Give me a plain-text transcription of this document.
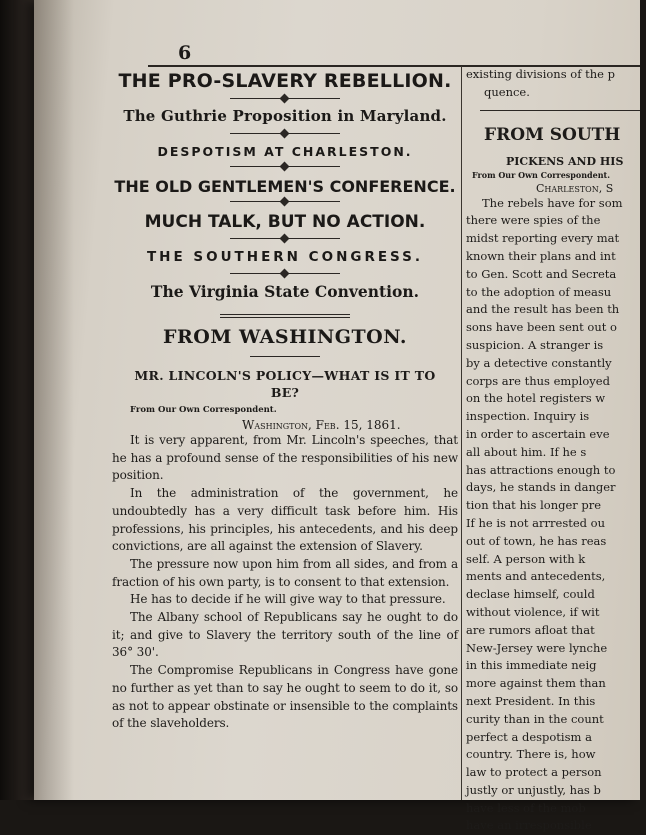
6
THE PRO-SLAVERY REBELLION.
The Guthrie Proposition in Maryland.
DESPOTISM AT CHARLESTON.
THE OLD GENTLEMEN'S CONFERENCE.
MUCH TALK, BUT NO ACTION.
THE SOUTHERN CONGRESS.
The Virginia State Convention.
FROM WASHINGTON.
MR. LINCOLN'S POLICY—WHAT IS IT TO BE?
From Our Own Correspondent.
Washington, Feb. 15, 1861.

It is very apparent, from Mr. Lincoln's speeches, that he has a profound sense of the responsibilities of his new position.

In the administration of the government, he undoubtedly has a very difficult task before him. His professions, his principles, his antecedents, and his deep convictions, are all against the extension of Slavery.

The pressure now upon him from all sides, and from a fraction of his own party, is to consent to that extension.

He has to decide if he will give way to that pressure.

The Albany school of Republicans say he ought to do it; and give to Slavery the territory south of the line of 36° 30'.

The Compromise Republicans in Congress have gone no further as yet than to say he ought to seem to do it, so as not to appear obstinate or insensible to the complaints of the slaveholders.

existing divisions of the p
quence.
FROM SOUTH
PICKENS AND HIS
From Our Own Correspondent.
Charleston, S
The rebels have for som
there were spies of the
midst reporting every mat
known their plans and int
to Gen. Scott and Secreta
to the adoption of measu
and the result has been th
sons have been sent out o
suspicion. A stranger is
by a detective constantly
corps are thus employed
on the hotel registers w
inspection. Inquiry is
in order to ascertain eve
all about him. If he s
has attractions enough to
days, he stands in danger
tion that his longer pre
If he is not arrrested ou
out of town, he has reas
self. A person with k
ments and antecedents,
declase himself, could
without violence, if wit
are rumors afloat that
New-Jersey were lynche
in this immediate neig
more against them than
next President. In this
curity than in the count
perfect a despotism a
country. There is, how
law to protect a person
justly or unjustly, has b
have less of the mob
have an irresponsible
